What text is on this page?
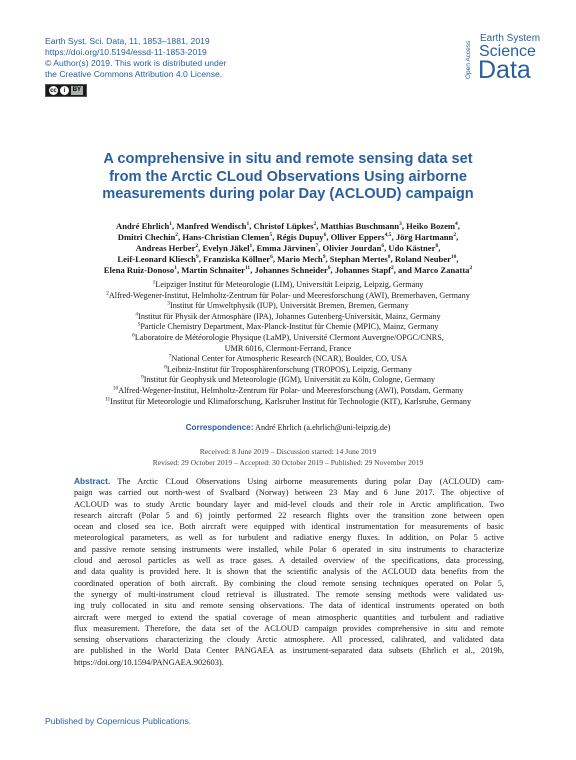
Earth Syst. Sci. Data, 11, 1853–1881, 2019
https://doi.org/10.5194/essd-11-1853-2019
© Author(s) 2019. This work is distributed under
the Creative Commons Attribution 4.0 License.
cc	i	BY
Open Access
Earth System
Science
Data
A comprehensive in situ and remote sensing data set
from the Arctic CLoud Observations Using airborne
measurements during polar Day (ACLOUD) campaign
André Ehrlich$^1$, Manfred Wendisch$^1$, Christof Lüpkes$^2$, Matthias Buschmann$^3$, Heiko Bozem$^4$,
Dmitri Chechin$^2$, Hans-Christian Clemen$^5$, Régis Dupuy$^6$, Olliver Eppers$^{4,5}$, Jörg Hartmann$^2$,
Andreas Herber$^2$, Evelyn Jäkel$^1$, Emma Järvinen$^7$, Olivier Jourdan$^6$, Udo Kästner$^8$,
Leif-Leonard Kliesch$^9$, Franziska Köllner$^6$, Mario Mech$^9$, Stephan Mertes$^8$, Roland Neuber$^{10}$,
Elena Ruiz-Donoso$^1$, Martin Schnaiter$^{11}$, Johannes Schneider$^6$, Johannes Stapf$^2$, and Marco Zanatta$^2$
$^1$Leipziger Institut für Meteorologie (LIM), Universität Leipzig, Leipzig, Germany
$^2$Alfred-Wegener-Institut, Helmholtz-Zentrum für Polar- und Meeresforschung (AWI), Bremerhaven, Germany
$^3$Institut für Umweltphysik (IUP), Universität Bremen, Bremen, Germany
$^4$Institut für Physik der Atmosphäre (IPA), Johannes Gutenberg-Universität, Mainz, Germany
$^5$Particle Chemistry Department, Max-Planck-Institut für Chemie (MPIC), Mainz, Germany
$^6$Laboratoire de Météorologie Physique (LaMP), Université Clermont Auvergne/OPGC/CNRS,
UMR 6016, Clermont-Ferrand, France
$^7$National Center for Atmospheric Research (NCAR), Boulder, CO, USA
$^8$Leibniz-Institut für Troposphärenforschung (TROPOS), Leipzig, Germany
$^9$Institut für Geophysik und Meteorologie (IGM), Universität zu Köln, Cologne, Germany
$^{10}$Alfred-Wegener-Institut, Helmholtz-Zentrum für Polar- und Meeresforschung (AWI), Potsdam, Germany
$^{11}$Institut für Meteorologie und Klimaforschung, Karlsruher Institut für Technologie (KIT), Karlsruhe, Germany
Correspondence: André Ehrlich (a.ehrlich@uni-leipzig.de)
Received: 8 June 2019 – Discussion started: 14 June 2019
Revised: 29 October 2019 – Accepted: 30 October 2019 – Published: 29 November 2019
Abstract. The Arctic CLoud Observations Using airborne measurements during polar Day (ACLOUD) cam-
paign was carried out north-west of Svalbard (Norway) between 23 May and 6 June 2017. The objective of
ACLOUD was to study Arctic boundary layer and mid-level clouds and their role in Arctic amplification. Two
research aircraft (Polar 5 and 6) jointly performed 22 research flights over the transition zone between open
ocean and closed sea ice. Both aircraft were equipped with identical instrumentation for measurements of basic
meteorological parameters, as well as for turbulent and radiative energy fluxes. In addition, on Polar 5 active
and passive remote sensing instruments were installed, while Polar 6 operated in situ instruments to characterize
cloud and aerosol particles as well as trace gases. A detailed overview of the specifications, data processing,
and data quality is provided here. It is shown that the scientific analysis of the ACLOUD data benefits from the
coordinated operation of both aircraft. By combining the cloud remote sensing techniques operated on Polar 5,
the synergy of multi-instrument cloud retrieval is illustrated. The remote sensing methods were validated us-
ing truly collocated in situ and remote sensing observations. The data of identical instruments operated on both
aircraft were merged to extend the spatial coverage of mean atmospheric quantities and turbulent and radiative
flux measurement. Therefore, the data set of the ACLOUD campaign provides comprehensive in situ and remote
sensing observations characterizing the cloudy Arctic atmosphere. All processed, calibrated, and validated data
are published in the World Data Center PANGAEA as instrument-separated data subsets (Ehrlich et al., 2019b,
https://doi.org/10.1594/PANGAEA.902603).
Published by Copernicus Publications.
